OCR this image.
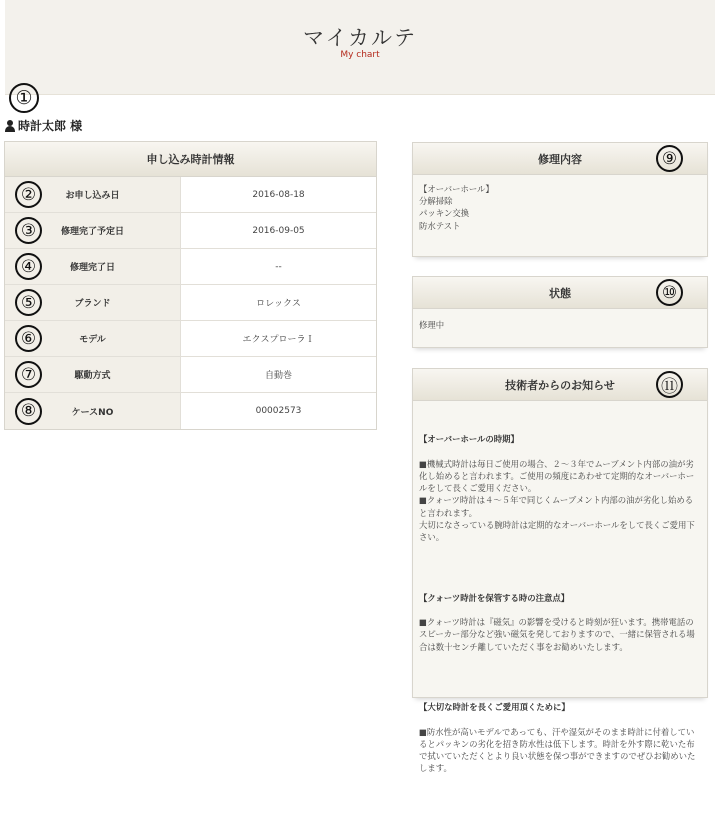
マイカルテ
My chart
①
時計太郎 様
申し込み時計情報
②	お申し込み日	2016-08-18
③	修理完了予定日	2016-09-05
④	修理完了日	--
⑤	ブランド	ロレックス
⑥	モデル	エクスプローラＩ
⑦	駆動方式	自動巻
⑧	ケースNO	00002573
修理内容	⑨
【オーバーホール】
分解掃除
パッキン交換
防水テスト
状態	⑩
修理中
技術者からのお知らせ	⑪

【オーバーホールの時期】

■機械式時計は毎日ご使用の場合、２〜３年でムーブメント内部の油が劣化し始めると言われます。ご使用の頻度にあわせて定期的なオーバーホールをして長くご愛用ください。
■クォーツ時計は４〜５年で同じくムーブメント内部の油が劣化し始めると言われます。
大切になさっている腕時計は定期的なオーバーホールをして長くご愛用下さい。

【クォーツ時計を保管する時の注意点】

■クォーツ時計は『磁気』の影響を受けると時刻が狂います。携帯電話のスピーカー部分など強い磁気を発しておりますので、一緒に保管される場合は数十センチ離していただく事をお勧めいたします。

【大切な時計を長くご愛用頂くために】

■防水性が高いモデルであっても、汗や湿気がそのまま時計に付着しているとパッキンの劣化を招き防水性は低下します。時計を外す際に乾いた布で拭いていただくとより良い状態を保つ事ができますのでぜひお勧めいたします。
